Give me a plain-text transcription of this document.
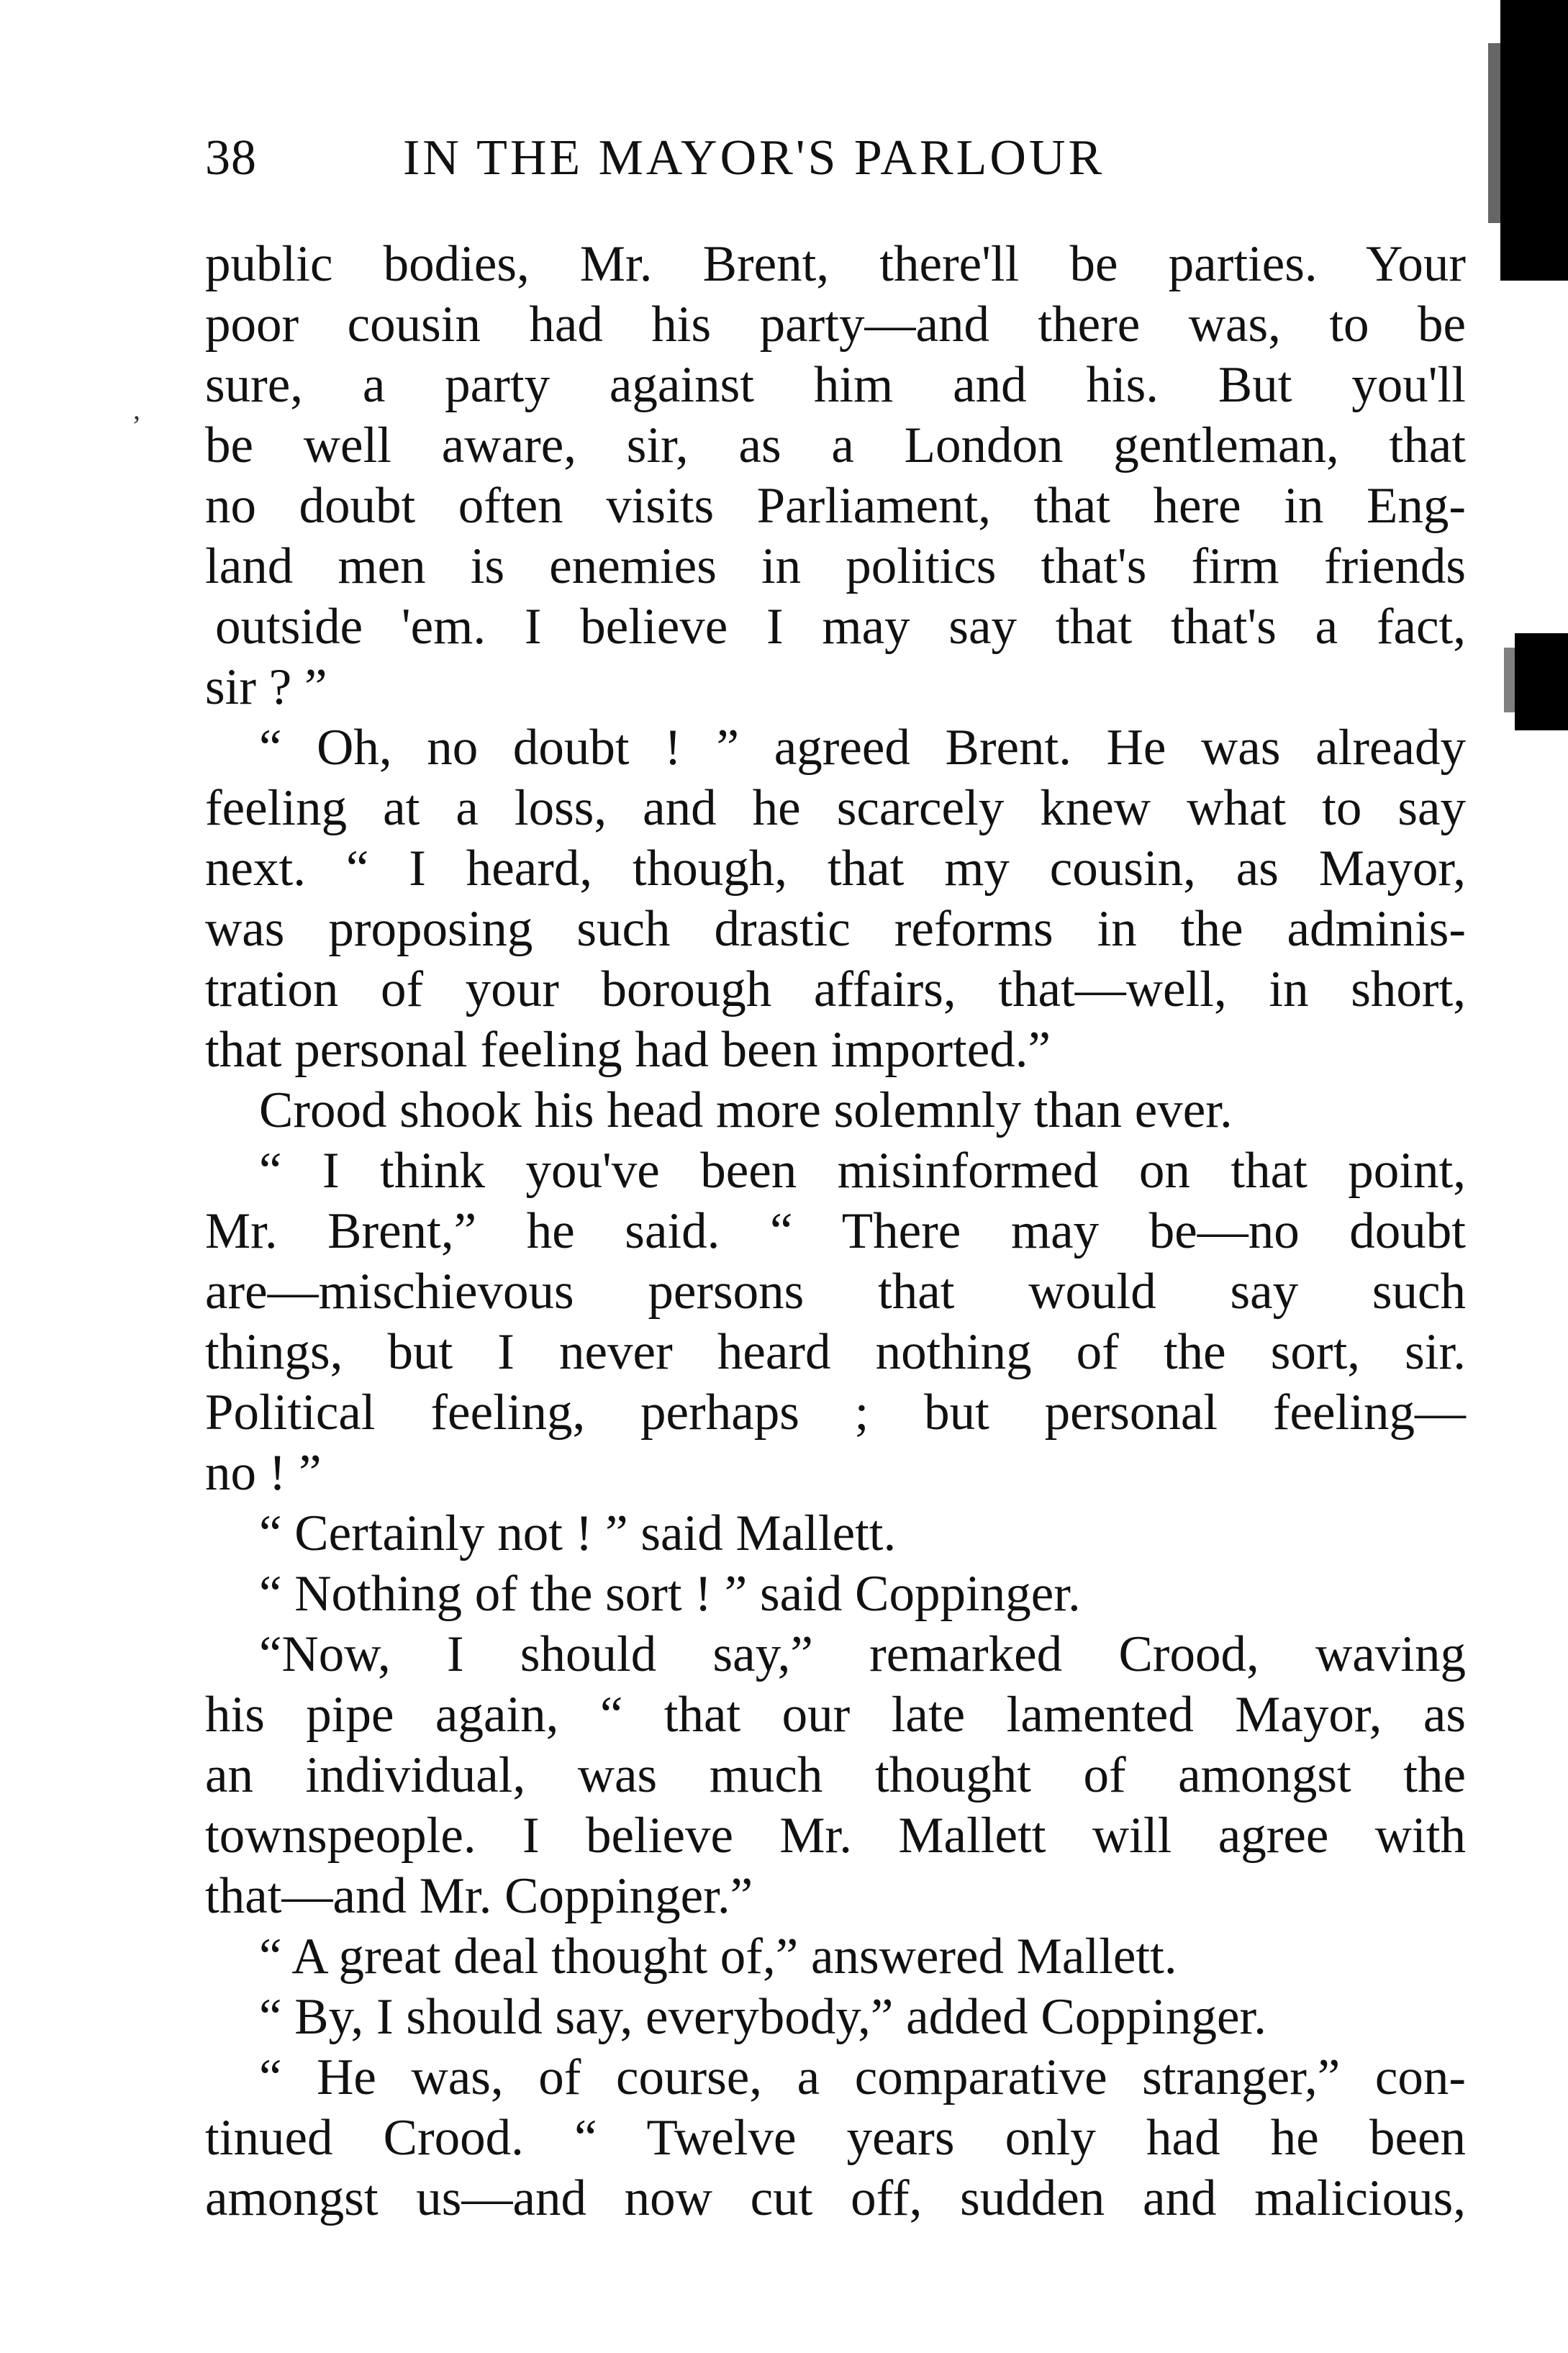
38	IN THE MAYOR'S PARLOUR
public bodies, Mr. Brent, there'll be parties. Your
poor cousin had his party—and there was, to be
sure, a party against him and his. But you'll
be well aware, sir, as a London gentleman, that
no doubt often visits Parliament, that here in Eng-
land men is enemies in politics that's firm friends
outside 'em. I believe I may say that that's a fact,
sir ? ”
“ Oh, no doubt ! ” agreed Brent. He was already
feeling at a loss, and he scarcely knew what to say
next. “ I heard, though, that my cousin, as Mayor,
was proposing such drastic reforms in the adminis-
tration of your borough affairs, that—well, in short,
that personal feeling had been imported.”
Crood shook his head more solemnly than ever.
“ I think you've been misinformed on that point,
Mr. Brent,” he said. “ There may be—no doubt
are—mischievous persons that would say such
things, but I never heard nothing of the sort, sir.
Political feeling, perhaps ; but personal feeling—
no ! ”
“ Certainly not ! ” said Mallett.
“ Nothing of the sort ! ” said Coppinger.
“Now, I should say,” remarked Crood, waving
his pipe again, “ that our late lamented Mayor, as
an individual, was much thought of amongst the
townspeople. I believe Mr. Mallett will agree with
that—and Mr. Coppinger.”
“ A great deal thought of,” answered Mallett.
“ By, I should say, everybody,” added Coppinger.
“ He was, of course, a comparative stranger,” con-
tinued Crood. “ Twelve years only had he been
amongst us—and now cut off, sudden and malicious,
’
